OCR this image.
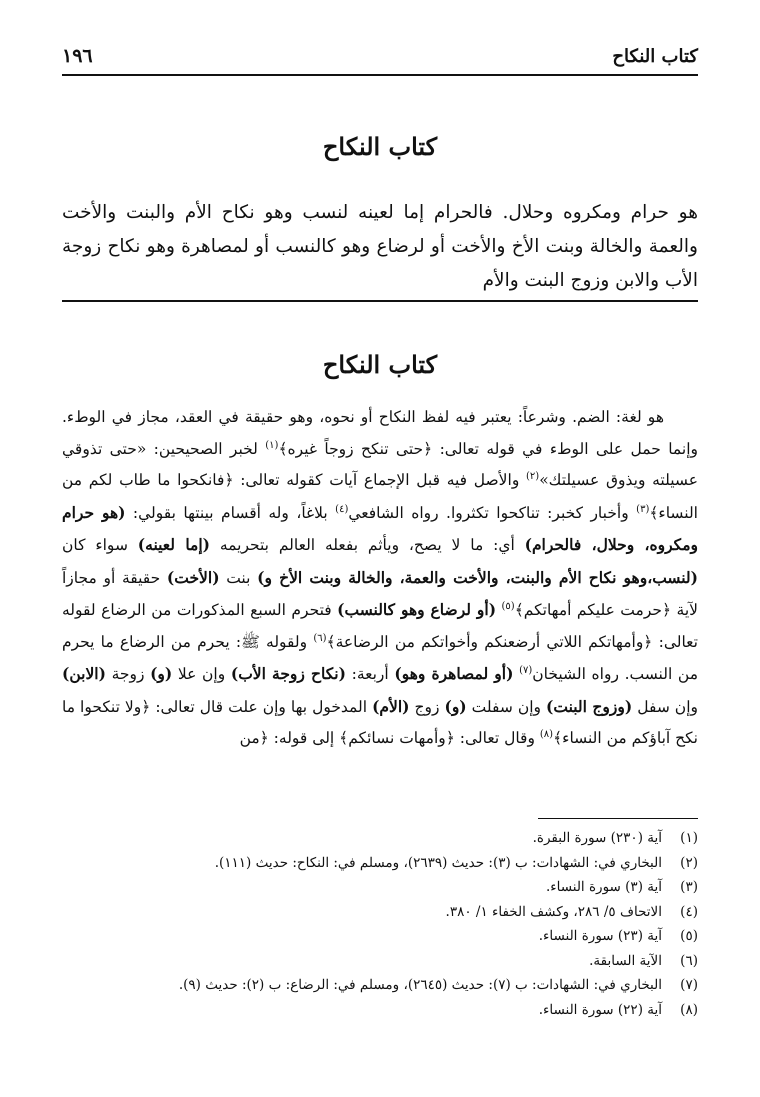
كتاب النكاح
١٩٦
كتاب النكاح
هو حرام ومكروه وحلال. فالحرام إما لعينه لنسب وهو نكاح الأم والبنت والأخت والعمة والخالة وبنت الأخ والأخت أو لرضاع وهو كالنسب أو لمصاهرة وهو نكاح زوجة الأب والابن وزوج البنت والأم
كتاب النكاح

هو لغة: الضم. وشرعاً: يعتبر فيه لفظ النكاح أو نحوه، وهو حقيقة في العقد، مجاز في الوطء. وإنما حمل على الوطء في قوله تعالى: ﴿حتى تنكح زوجاً غيره﴾$^{(١)}$ لخبر الصحيحين: «حتى تذوقي عسيلته ويذوق عسيلتك»$^{(٢)}$ والأصل فيه قبل الإجماع آيات كقوله تعالى: ﴿فانكحوا ما طاب لكم من النساء﴾$^{(٣)}$ وأخبار كخبر: تناكحوا تكثروا. رواه الشافعي$^{(٤)}$ بلاغاً، وله أقسام بينتها بقولي: (هو حرام ومكروه، وحلال، فالحرام) أي: ما لا يصح، ويأثم بفعله العالم بتحريمه (إما لعينه) سواء كان (لنسب،وهو نكاح الأم والبنت، والأخت والعمة، والخالة وبنت الأخ و) بنت (الأخت) حقيقة أو مجازاً لآية ﴿حرمت عليكم أمهاتكم﴾$^{(٥)}$ (أو لرضاع وهو كالنسب) فتحرم السبع المذكورات من الرضاع لقوله تعالى: ﴿وأمهاتكم اللاتي أرضعنكم وأخواتكم من الرضاعة﴾$^{(٦)}$ ولقوله ﷺ: يحرم من الرضاع ما يحرم من النسب. رواه الشيخان$^{(٧)}$ (أو لمصاهرة وهو) أربعة: (نكاح زوجة الأب) وإن علا (و) زوجة (الابن) وإن سفل (وزوج البنت) وإن سفلت (و) زوج (الأم) المدخول بها وإن علت قال تعالى: ﴿ولا تنكحوا ما نكح آباؤكم من النساء﴾$^{(٨)}$ وقال تعالى: ﴿وأمهات نسائكم﴾ إلى قوله: ﴿من

(١)
آية (٢٣٠) سورة البقرة.
(٢)
البخاري في: الشهادات: ب (٣): حديث (٢٦٣٩)، ومسلم في: النكاح: حديث (١١١).
(٣)
آية (٣) سورة النساء.
(٤)
الاتحاف ٥/ ٢٨٦، وكشف الخفاء ١/ ٣٨٠.
(٥)
آية (٢٣) سورة النساء.
(٦)
الآية السابقة.
(٧)
البخاري في: الشهادات: ب (٧): حديث (٢٦٤٥)، ومسلم في: الرضاع: ب (٢): حديث (٩).
(٨)
آية (٢٢) سورة النساء.
